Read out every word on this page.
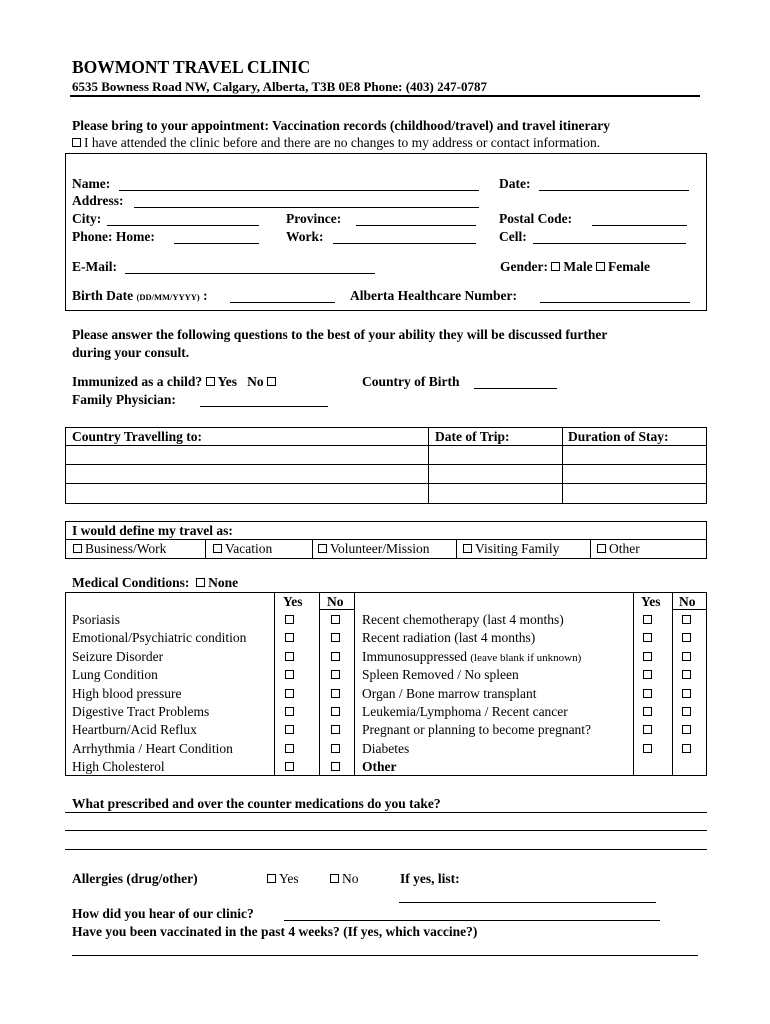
BOWMONT TRAVEL CLINIC
6535 Bowness Road NW, Calgary, Alberta, T3B 0E8 Phone: (403) 247-0787
Please bring to your appointment: Vaccination records (childhood/travel) and travel itinerary
I have attended the clinic before and there are no changes to my address or contact information.
Name:	Date:
Address:
City:	Province:	Postal Code:
Phone: Home:	Work:	Cell:
E-Mail:	Gender: Male Female
Birth Date (DD/MM/YYYY) :	Alberta Healthcare Number:
Please answer the following questions to the best of your ability they will be discussed further
during your consult.
Immunized as a child? Yes No	Country of Birth
Family Physician:
Country Travelling to:	Date of Trip:	Duration of Stay:
I would define my travel as:
Business/Work	Vacation	Volunteer/Mission	Visiting Family	Other
Medical Conditions: None
Yes No	Yes No
Psoriasis
Emotional/Psychiatric condition
Seizure Disorder
Lung Condition
High blood pressure
Digestive Tract Problems
Heartburn/Acid Reflux
Arrhythmia / Heart Condition
High Cholesterol
Recent chemotherapy (last 4 months)
Recent radiation (last 4 months)
Immunosuppressed (leave blank if unknown)
Spleen Removed / No spleen
Organ / Bone marrow transplant
Leukemia/Lymphoma / Recent cancer
Pregnant or planning to become pregnant?
Diabetes
Other
What prescribed and over the counter medications do you take?
Allergies (drug/other)	Yes	No	If yes, list:
How did you hear of our clinic?
Have you been vaccinated in the past 4 weeks? (If yes, which vaccine?)
